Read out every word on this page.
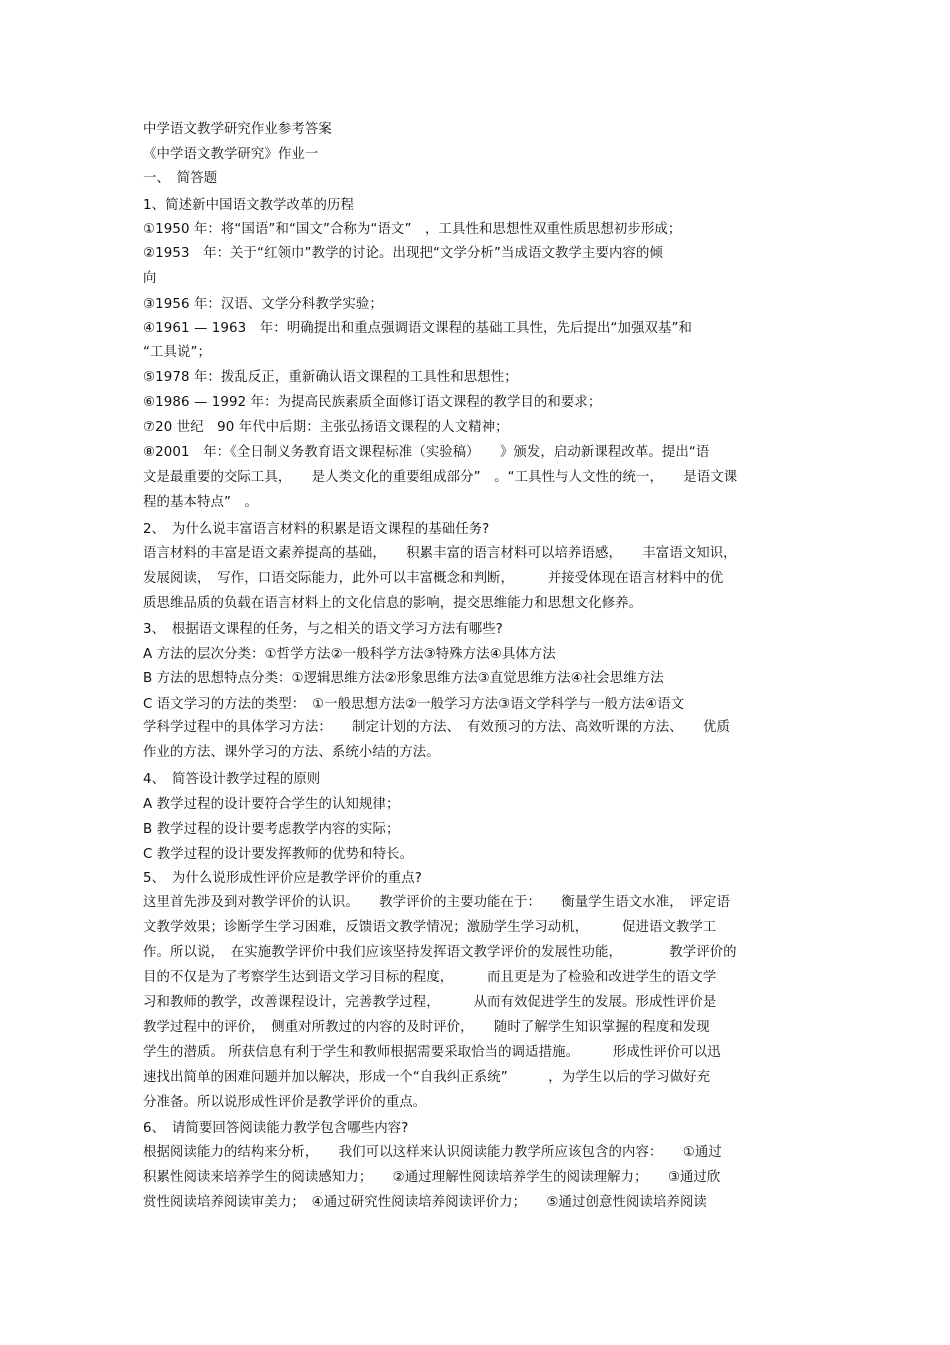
中学语文教学研究作业参考答案
《中学语文教学研究》作业一
一、　简答题
1、简述新中国语文教学改革的历程
①1950 年：将“国语”和“国文”合称为“语文”　，工具性和思想性双重性质思想初步形成；
②1953　年：关于“红领巾”教学的讨论。出现把“文学分析”当成语文教学主要内容的倾
向
③1956 年：汉语、文学分科教学实验；
④1961 — 1963　年：明确提出和重点强调语文课程的基础工具性，先后提出“加强双基”和
“工具说”；
⑤1978 年：拨乱反正，重新确认语文课程的工具性和思想性；
⑥1986 — 1992 年：为提高民族素质全面修订语文课程的教学目的和要求；
⑦20 世纪　90 年代中后期：主张弘扬语文课程的人文精神；
⑧2001　年：《全日制义务教育语文课程标准（实验稿）　　》颁发，启动新课程改革。提出“语
文是最重要的交际工具，　　是人类文化的重要组成部分”　。“工具性与人文性的统一，　　是语文课
程的基本特点”　。
2、　为什么说丰富语言材料的积累是语文课程的基础任务?
语言材料的丰富是语文素养提高的基础，　　积累丰富的语言材料可以培养语感，　　丰富语文知识，
发展阅读，　写作，口语交际能力，此外可以丰富概念和判断，　　　并接受体现在语言材料中的优
质思维品质的负载在语言材料上的文化信息的影响，提交思维能力和思想文化修养。
3、　根据语文课程的任务，与之相关的语文学习方法有哪些?
A 方法的层次分类：①哲学方法②一般科学方法③特殊方法④具体方法
B 方法的思想特点分类：①逻辑思维方法②形象思维方法③直觉思维方法④社会思维方法
C 语文学习的方法的类型：　①一般思想方法②一般学习方法③语文学科学与一般方法④语文
学科学过程中的具体学习方法：　　制定计划的方法、　有效预习的方法、高效听课的方法、　　优质
作业的方法、课外学习的方法、系统小结的方法。
4、　简答设计教学过程的原则
A 教学过程的设计要符合学生的认知规律；
B 教学过程的设计要考虑教学内容的实际；
C 教学过程的设计要发挥教师的优势和特长。
5、　为什么说形成性评价应是教学评价的重点?
这里首先涉及到对教学评价的认识。　　教学评价的主要功能在于：　　衡量学生语文水准，　评定语
文教学效果；诊断学生学习困难，反馈语文教学情况；激励学生学习动机，　　　促进语文教学工
作。所以说，　在实施教学评价中我们应该坚持发挥语文教学评价的发展性功能，　　　　教学评价的
目的不仅是为了考察学生达到语文学习目标的程度，　　　而且更是为了检验和改进学生的语文学
习和教师的教学，改善课程设计，完善教学过程，　　　从而有效促进学生的发展。形成性评价是
教学过程中的评价，　侧重对所教过的内容的及时评价，　　随时了解学生知识掌握的程度和发现
学生的潜质。 所获信息有利于学生和教师根据需要采取恰当的调适措施。　　　形成性评价可以迅
速找出简单的困难问题并加以解决，形成一个“自我纠正系统”　　　，为学生以后的学习做好充
分准备。所以说形成性评价是教学评价的重点。
6、　请简要回答阅读能力教学包含哪些内容?
根据阅读能力的结构来分析，　　我们可以这样来认识阅读能力教学所应该包含的内容：　　①通过
积累性阅读来培养学生的阅读感知力；　　②通过理解性阅读培养学生的阅读理解力；　　③通过欣
赏性阅读培养阅读审美力；　④通过研究性阅读培养阅读评价力；　　⑤通过创意性阅读培养阅读
